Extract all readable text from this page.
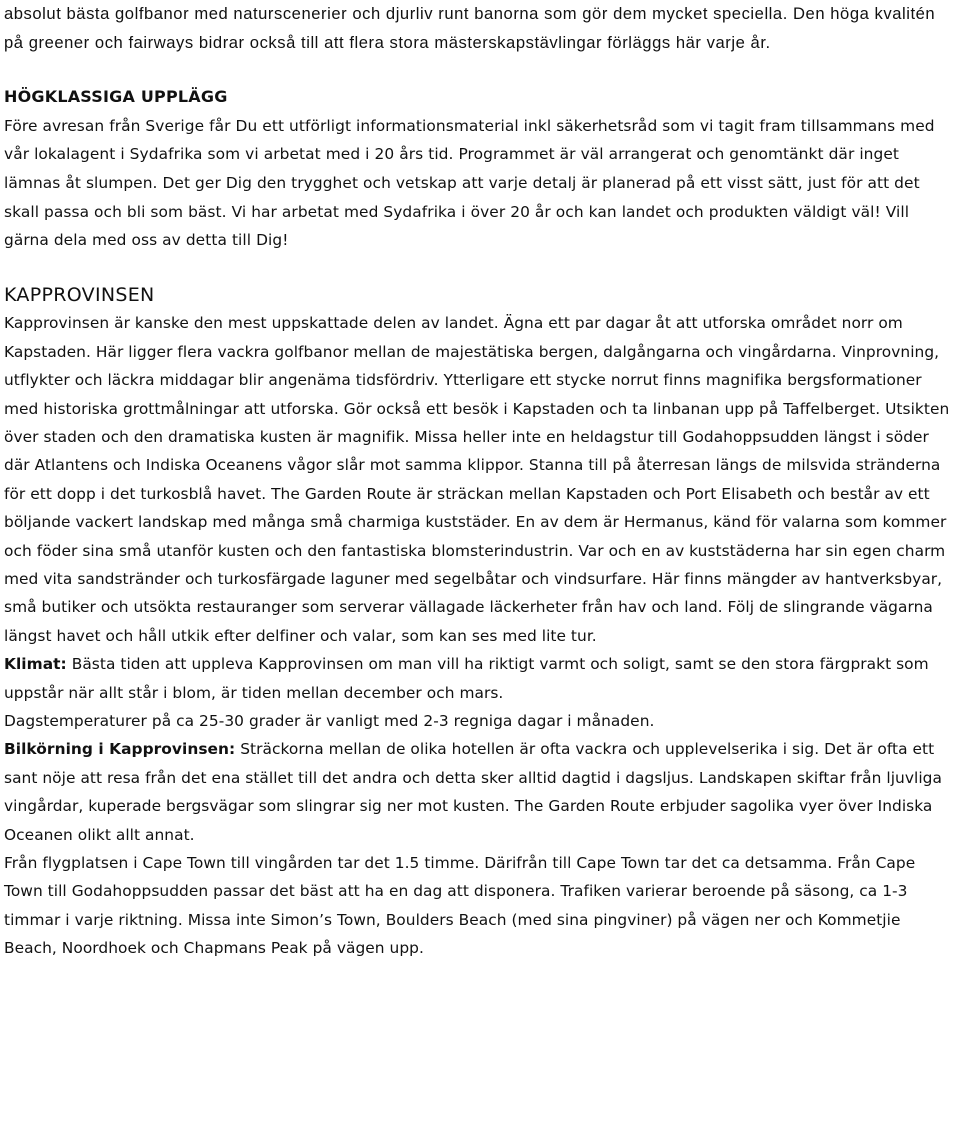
absolut bästa golfbanor med naturscenerier och djurliv runt banorna som gör dem mycket speciella. Den höga kvalitén på greener och fairways bidrar också till att flera stora mästerskapstävlingar förläggs här varje år.

HÖGKLASSIGA UPPLÄGG

Före avresan från Sverige får Du ett utförligt informationsmaterial inkl säkerhetsråd som vi tagit fram tillsammans med vår lokalagent i Sydafrika som vi arbetat med i 20 års tid. Programmet är väl arrangerat och genomtänkt där inget lämnas åt slumpen. Det ger Dig den trygghet och vetskap att varje detalj är planerad på ett visst sätt, just för att det skall passa och bli som bäst. Vi har arbetat med Sydafrika i över 20 år och kan landet och produkten väldigt väl! Vill gärna dela med oss av detta till Dig!

KAPPROVINSEN

Kapprovinsen är kanske den mest uppskattade delen av landet. Ägna ett par dagar åt att utforska området norr om Kapstaden. Här ligger flera vackra golfbanor mellan de majestätiska bergen, dalgångarna och vingårdarna. Vinprovning, utflykter och läckra middagar blir angenäma tidsfördriv. Ytterligare ett stycke norrut finns magnifika bergsformationer med historiska grottmålningar att utforska. Gör också ett besök i Kapstaden och ta linbanan upp på Taffelberget. Utsikten över staden och den dramatiska kusten är magnifik. Missa heller inte en heldagstur till Godahoppsudden längst i söder där Atlantens och Indiska Oceanens vågor slår mot samma klippor. Stanna till på återresan längs de milsvida stränderna för ett dopp i det turkosblå havet. The Garden Route är sträckan mellan Kapstaden och Port Elisabeth och består av ett böljande vackert landskap med många små charmiga kuststäder. En av dem är Hermanus, känd för valarna som kommer och föder sina små utanför kusten och den fantastiska blomsterindustrin. Var och en av kuststäderna har sin egen charm med vita sandstränder och turkosfärgade laguner med segelbåtar och vindsurfare. Här finns mängder av hantverksbyar, små butiker och utsökta restauranger som serverar vällagade läckerheter från hav och land. Följ de slingrande vägarna längst havet och håll utkik efter delfiner och valar, som kan ses med lite tur.

Klimat: Bästa tiden att uppleva Kapprovinsen om man vill ha riktigt varmt och soligt, samt se den stora färgprakt som uppstår när allt står i blom, är tiden mellan december och mars.

Dagstemperaturer på ca 25-30 grader är vanligt med 2-3 regniga dagar i månaden.

Bilkörning i Kapprovinsen: Sträckorna mellan de olika hotellen är ofta vackra och upplevelserika i sig. Det är ofta ett sant nöje att resa från det ena stället till det andra och detta sker alltid dagtid i dagsljus. Landskapen skiftar från ljuvliga vingårdar, kuperade bergsvägar som slingrar sig ner mot kusten. The Garden Route erbjuder sagolika vyer över Indiska Oceanen olikt allt annat.

Från flygplatsen i Cape Town till vingården tar det 1.5 timme. Därifrån till Cape Town tar det ca detsamma. Från Cape Town till Godahoppsudden passar det bäst att ha en dag att disponera. Trafiken varierar beroende på säsong, ca 1-3 timmar i varje riktning. Missa inte Simon’s Town, Boulders Beach (med sina pingviner) på vägen ner och Kommetjie Beach, Noordhoek och Chapmans Peak på vägen upp.
